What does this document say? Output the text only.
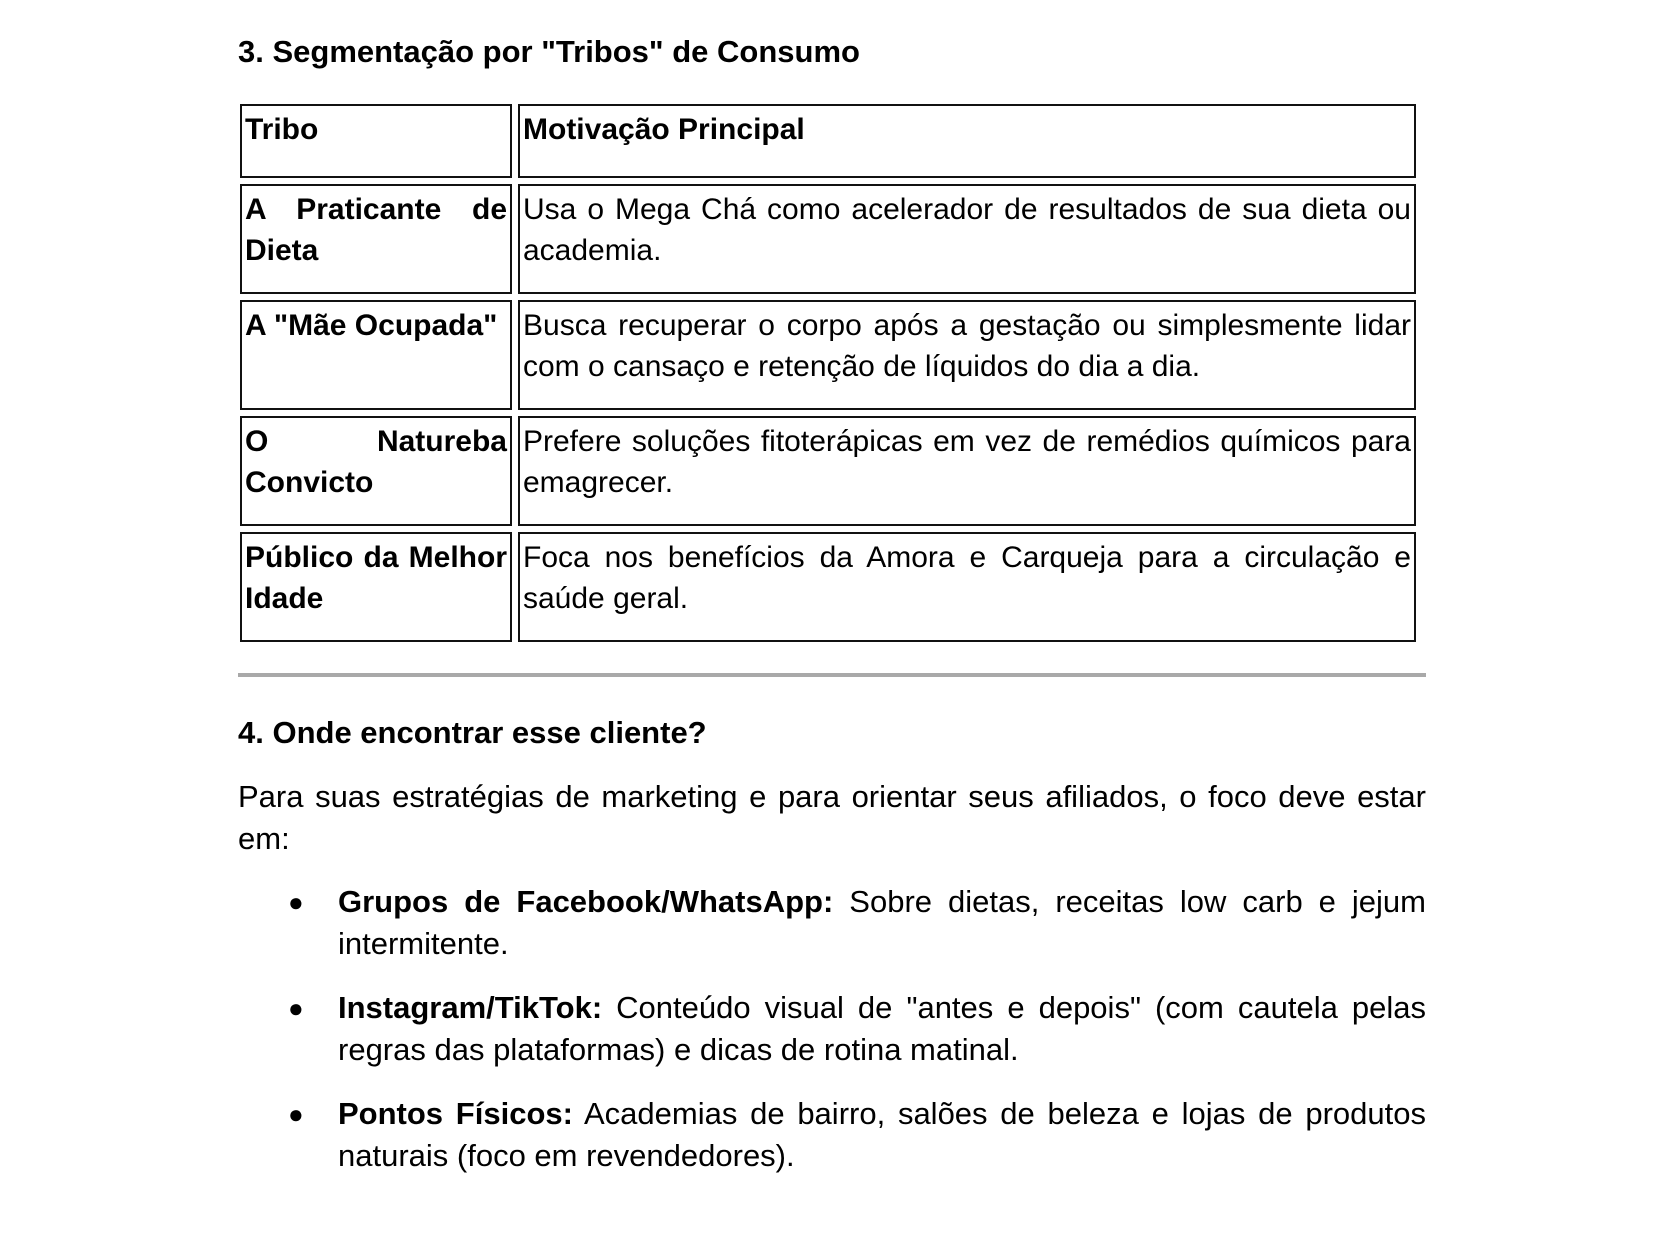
3. Segmentação por "Tribos" de Consumo
Tribo	Motivação Principal
A Praticante de Dieta	Usa o Mega Chá como acelerador de resultados de sua dieta ou academia.
A "Mãe Ocupada"	Busca recuperar o corpo após a gestação ou simplesmente lidar com o cansaço e retenção de líquidos do dia a dia.
O Natureba Convicto	Prefere soluções fitoterápicas em vez de remédios químicos para emagrecer.
Público da Melhor Idade	Foca nos benefícios da Amora e Carqueja para a circulação e saúde geral.
4. Onde encontrar esse cliente?

Para suas estratégias de marketing e para orientar seus afiliados, o foco deve estar em:

● Grupos de Facebook/WhatsApp: Sobre dietas, receitas low carb e jejum intermitente.
● Instagram/TikTok: Conteúdo visual de "antes e depois" (com cautela pelas regras das plataformas) e dicas de rotina matinal.
● Pontos Físicos: Academias de bairro, salões de beleza e lojas de produtos naturais (foco em revendedores).
